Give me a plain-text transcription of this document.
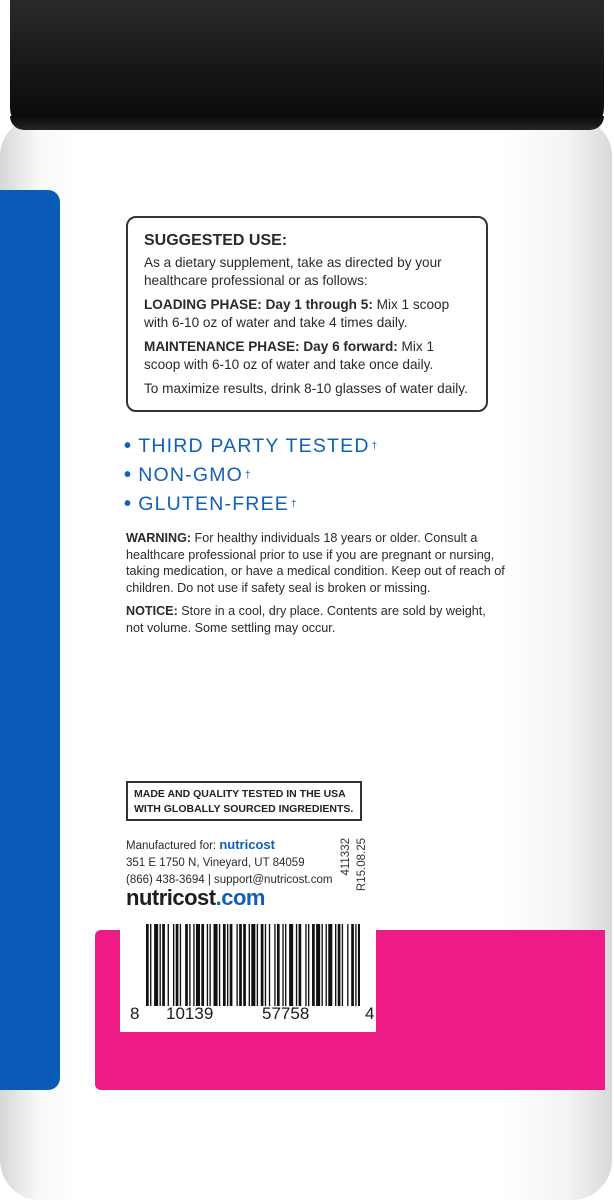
SUGGESTED USE:

As a dietary supplement, take as directed by your healthcare professional or as follows:

LOADING PHASE: Day 1 through 5: Mix 1 scoop with 6-10 oz of water and take 4 times daily.

MAINTENANCE PHASE: Day 6 forward: Mix 1 scoop with 6-10 oz of water and take once daily.

To maximize results, drink 8-10 glasses of water daily.

• THIRD PARTY TESTED †
• NON-GMO †
• GLUTEN-FREE †
WARNING: For healthy individuals 18 years or older. Consult a healthcare professional prior to use if you are pregnant or nursing, taking medication, or have a medical condition. Keep out of reach of children. Do not use if safety seal is broken or missing.
NOTICE: Store in a cool, dry place. Contents are sold by weight, not volume. Some settling may occur.
MADE AND QUALITY TESTED IN THE USA
WITH GLOBALLY SOURCED INGREDIENTS.
Manufactured for: nutricost
351 E 1750 N, Vineyard, UT 84059
(866) 438-3694 | support@nutricost.com
nutricost.com
411332 R15.08.25
8 10139	57758	4
